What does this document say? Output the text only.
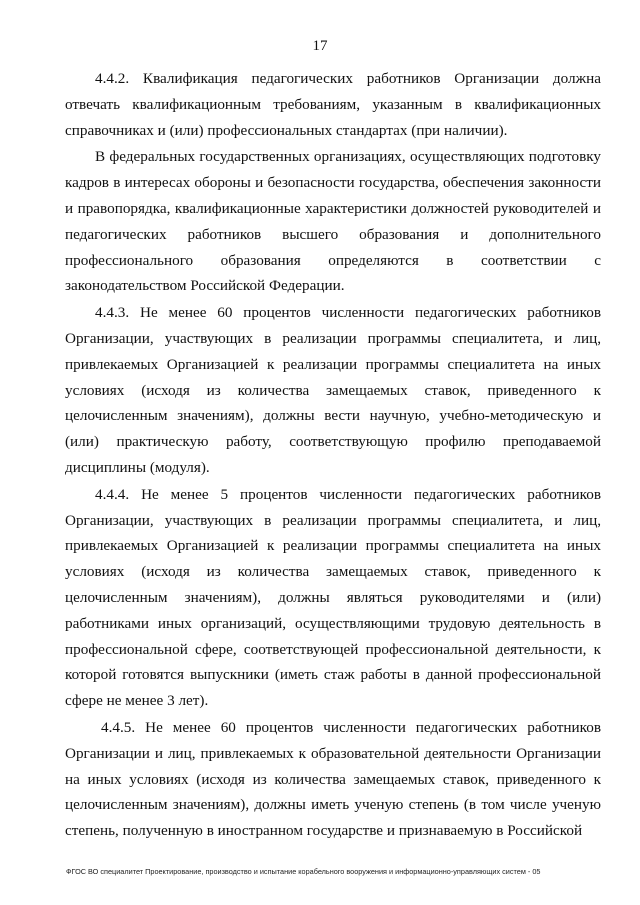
17

4.4.2. Квалификация педагогических работников Организации должна отвечать квалификационным требованиям, указанным в квалификационных справочниках и (или) профессиональных стандартах (при наличии).

В федеральных государственных организациях, осуществляющих подготовку кадров в интересах обороны и безопасности государства, обеспечения законности и правопорядка, квалификационные характеристики должностей руководителей и педагогических работников высшего образования и дополнительного профессионального образования определяются в соответствии с законодательством Российской Федерации.

4.4.3. Не менее 60 процентов численности педагогических работников Организации, участвующих в реализации программы специалитета, и лиц, привлекаемых Организацией к реализации программы специалитета на иных условиях (исходя из количества замещаемых ставок, приведенного к целочисленным значениям), должны вести научную, учебно-методическую и (или) практическую работу, соответствующую профилю преподаваемой дисциплины (модуля).

4.4.4. Не менее 5 процентов численности педагогических работников Организации, участвующих в реализации программы специалитета, и лиц, привлекаемых Организацией к реализации программы специалитета на иных условиях (исходя из количества замещаемых ставок, приведенного к целочисленным значениям), должны являться руководителями и (или) работниками иных организаций, осуществляющими трудовую деятельность в профессиональной сфере, соответствующей профессиональной деятельности, к которой готовятся выпускники (иметь стаж работы в данной профессиональной сфере не менее 3 лет).

4.4.5. Не менее 60 процентов численности педагогических работников Организации и лиц, привлекаемых к образовательной деятельности Организации на иных условиях (исходя из количества замещаемых ставок, приведенного к целочисленным значениям), должны иметь ученую степень (в том числе ученую степень, полученную в иностранном государстве и признаваемую в Российской

ФГОС ВО специалитет Проектирование, производство и испытание корабельного вооружения и информационно-управляющих систем - 05
